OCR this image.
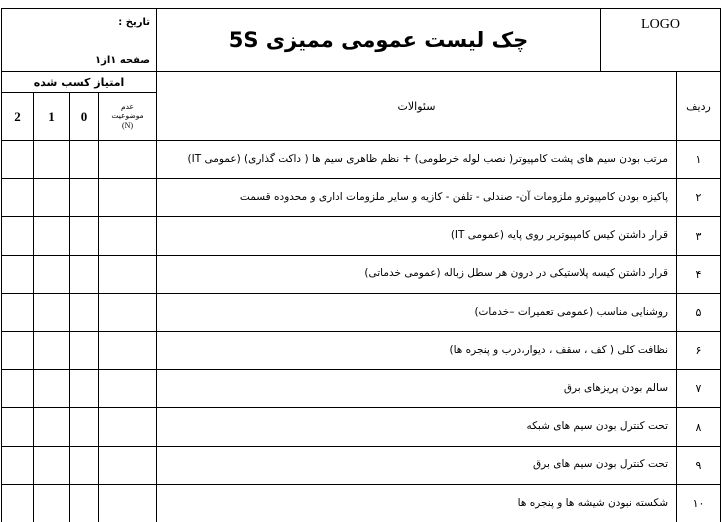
تاریخ :
صفحه ۱از۱
چک لیست عمومی ممیزی 5S
LOGO
امتیاز کسب شده
2 1 0
عدم
موضوعیت
(N)
سئوالات	ردیف
مرتب بودن سیم های پشت کامپیوتر( نصب لوله خرطومی) + نظم ظاهری سیم ها ( داکت گذاری) (عمومی IT)	۱
پاکیزه بودن کامپیوترو ملزومات آن- صندلی - تلفن - کازیه و سایر ملزومات اداری و محدوده قسمت	۲
قرار داشتن کیس کامپیوتربر روی پایه (عمومی IT)	۳
قرار داشتن کیسه پلاستیکی در درون هر سطل زباله (عمومی خدماتی)	۴
روشنایی مناسب (عمومی تعمیرات –خدمات)	۵
نظافت کلی ( کف ، سقف ، دیوار،درب و پنجره ها)	۶
سالم بودن پریزهای برق	۷
تحت کنترل بودن سیم های شبکه	۸
تحت کنترل بودن سیم های برق	۹
شکسته نبودن شیشه ها و پنجره ها	۱۰
